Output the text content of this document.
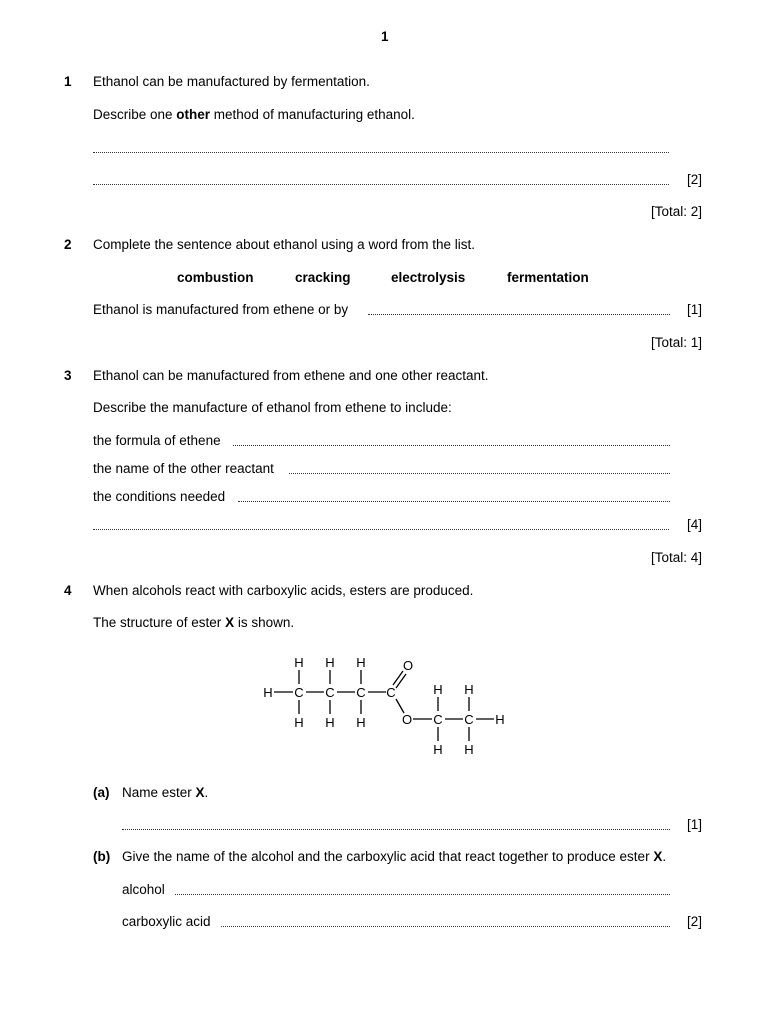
1
1 Ethanol can be manufactured by fermentation.
Describe one other method of manufacturing ethanol.
[2]
[Total: 2]
2 Complete the sentence about ethanol using a word from the list.
combustion	cracking	electrolysis	fermentation
Ethanol is manufactured from ethene or by	[1]
[Total: 1]
3 Ethanol can be manufactured from ethene and one other reactant.
Describe the manufacture of ethanol from ethene to include:
the formula of ethene
the name of the other reactant
the conditions needed
[4]
[Total: 4]
4 When alcohols react with carboxylic acids, esters are produced.
The structure of ester X is shown.
H C C C C
H H H
H H H
O
O C C H
H H
H H
(a) Name ester X.
[1]
(b) Give the name of the alcohol and the carboxylic acid that react together to produce ester X.
alcohol
carboxylic acid	[2]
